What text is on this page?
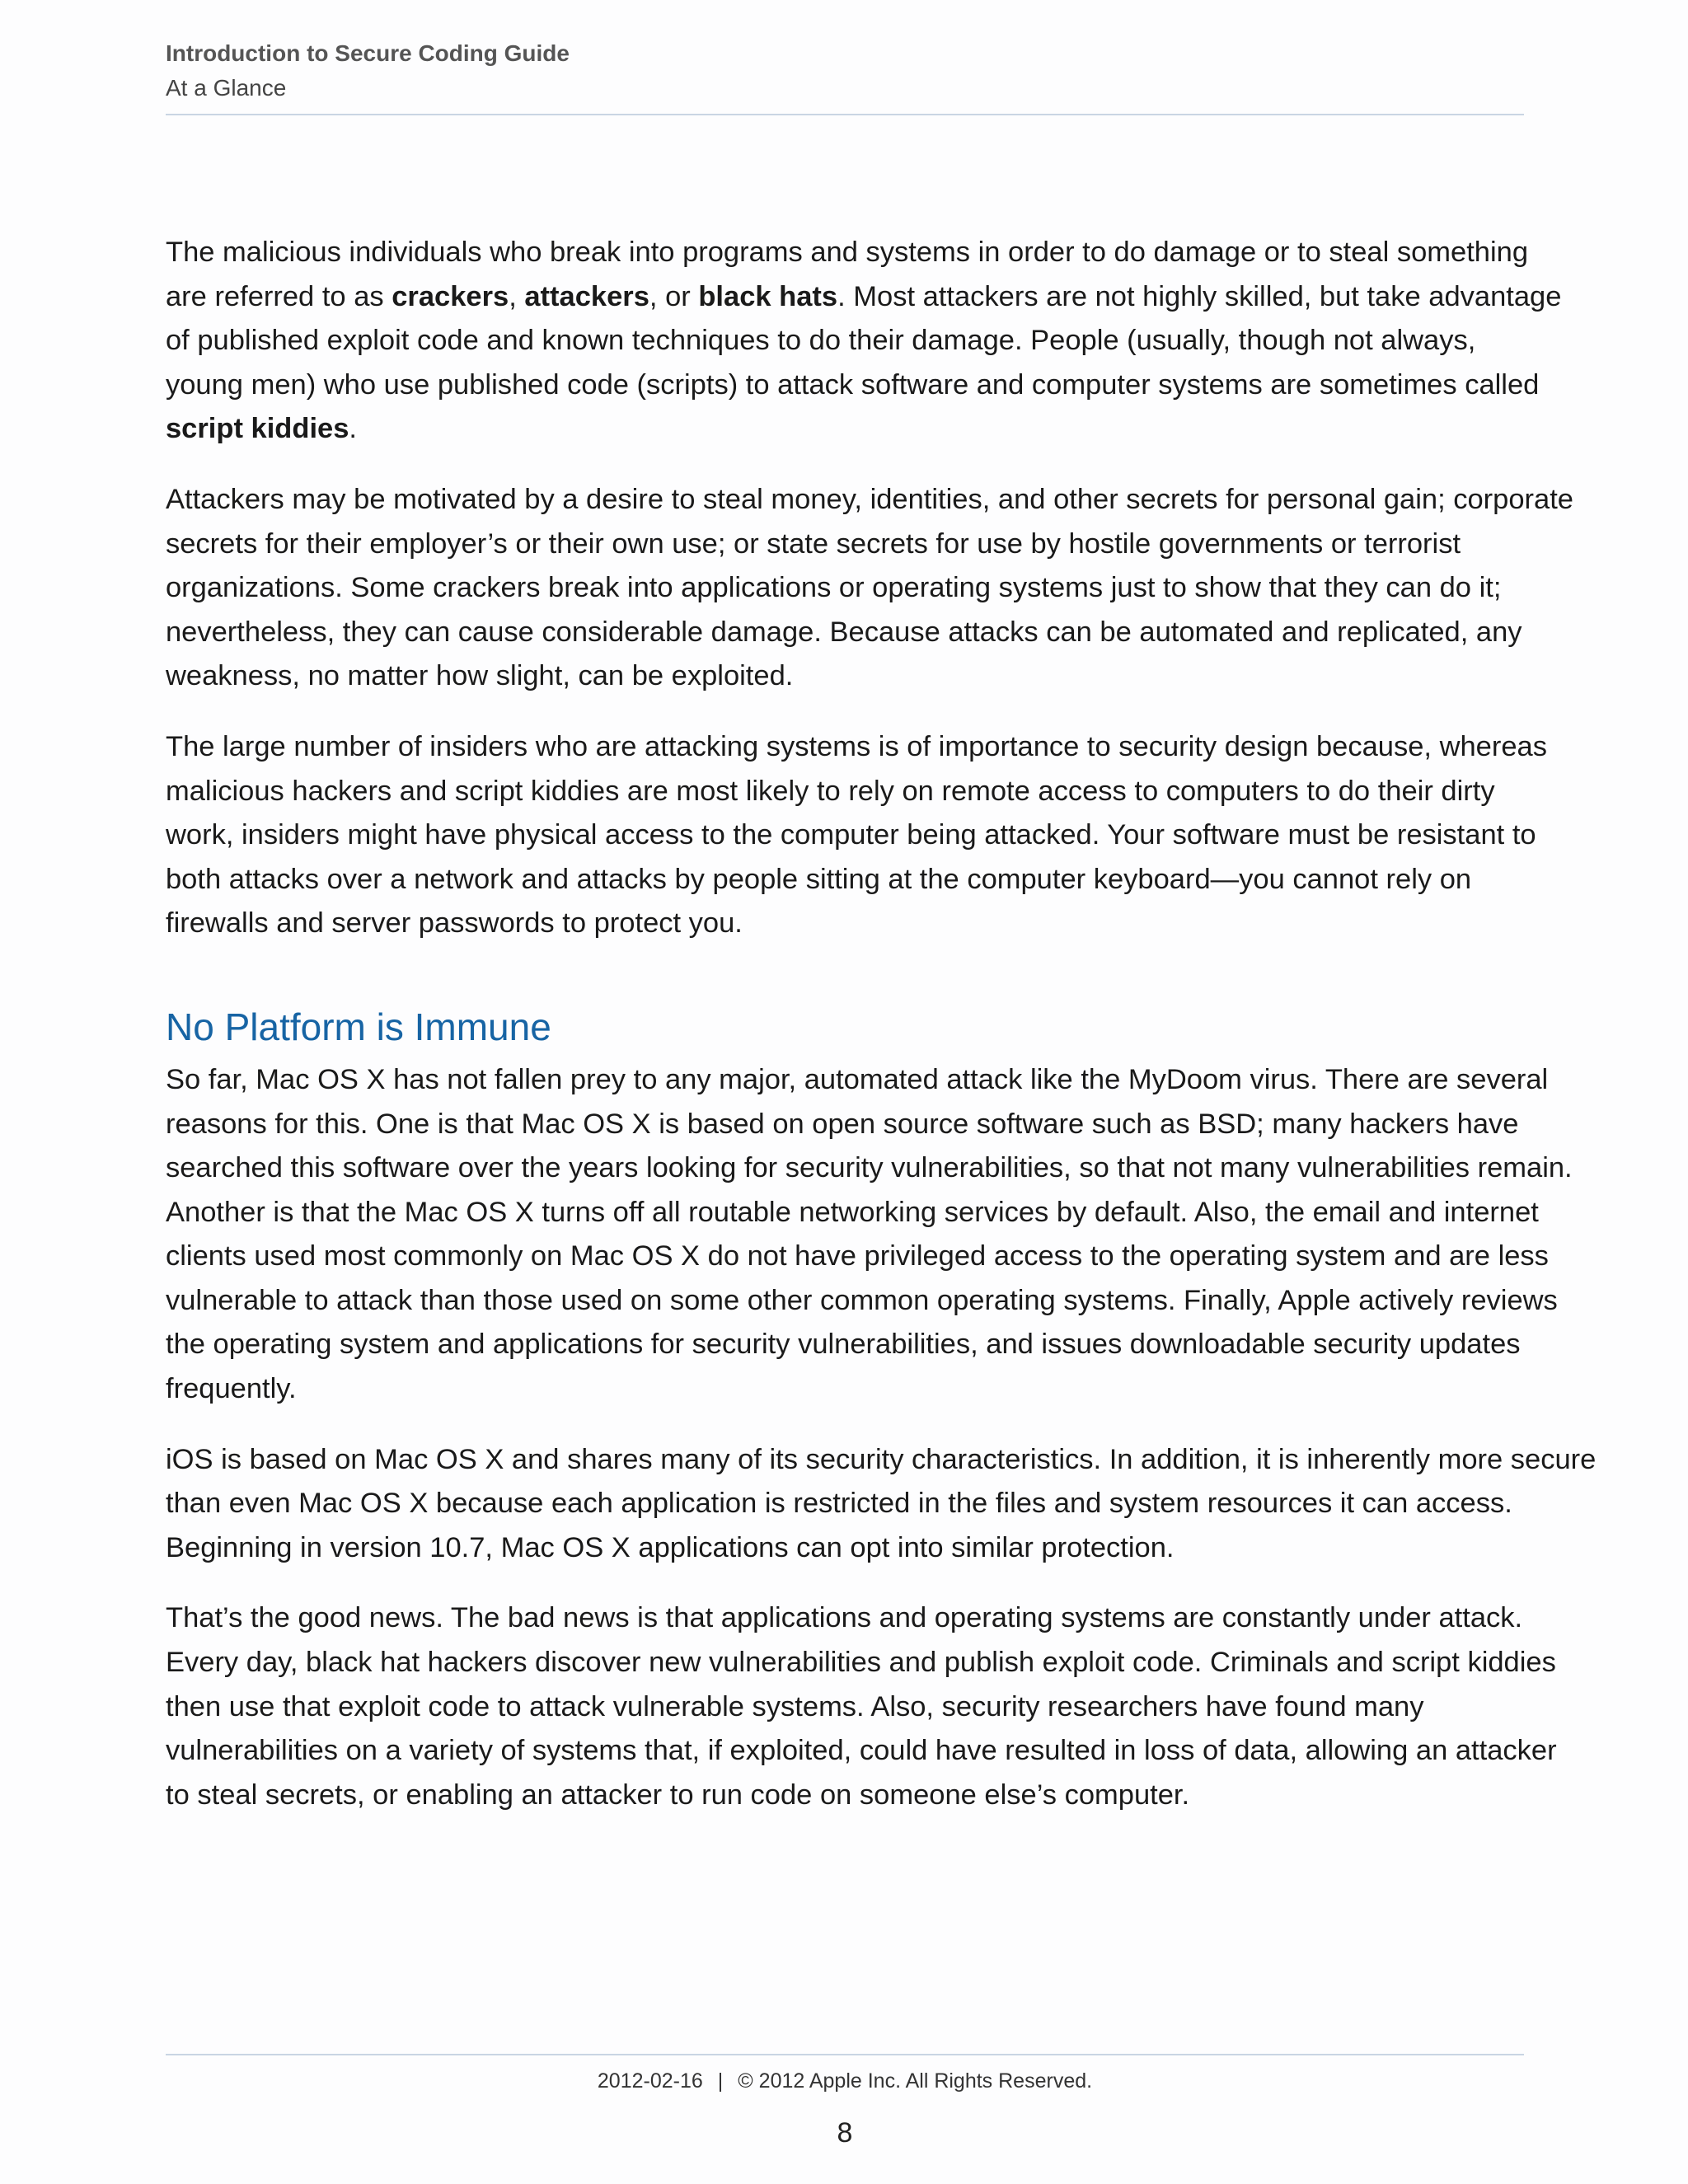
Introduction to Secure Coding Guide
At a Glance

The malicious individuals who break into programs and systems in order to do damage or to steal something
are referred to as crackers, attackers, or black hats. Most attackers are not highly skilled, but take advantage
of published exploit code and known techniques to do their damage. People (usually, though not always,
young men) who use published code (scripts) to attack software and computer systems are sometimes called
script kiddies.

Attackers may be motivated by a desire to steal money, identities, and other secrets for personal gain; corporate
secrets for their employer’s or their own use; or state secrets for use by hostile governments or terrorist
organizations. Some crackers break into applications or operating systems just to show that they can do it;
nevertheless, they can cause considerable damage. Because attacks can be automated and replicated, any
weakness, no matter how slight, can be exploited.

The large number of insiders who are attacking systems is of importance to security design because, whereas
malicious hackers and script kiddies are most likely to rely on remote access to computers to do their dirty
work, insiders might have physical access to the computer being attacked. Your software must be resistant to
both attacks over a network and attacks by people sitting at the computer keyboard—you cannot rely on
firewalls and server passwords to protect you.

No Platform is Immune

So far, Mac OS X has not fallen prey to any major, automated attack like the MyDoom virus. There are several
reasons for this. One is that Mac OS X is based on open source software such as BSD; many hackers have
searched this software over the years looking for security vulnerabilities, so that not many vulnerabilities remain.
Another is that the Mac OS X turns off all routable networking services by default. Also, the email and internet
clients used most commonly on Mac OS X do not have privileged access to the operating system and are less
vulnerable to attack than those used on some other common operating systems. Finally, Apple actively reviews
the operating system and applications for security vulnerabilities, and issues downloadable security updates
frequently.

iOS is based on Mac OS X and shares many of its security characteristics. In addition, it is inherently more secure
than even Mac OS X because each application is restricted in the files and system resources it can access.
Beginning in version 10.7, Mac OS X applications can opt into similar protection.

That’s the good news. The bad news is that applications and operating systems are constantly under attack.
Every day, black hat hackers discover new vulnerabilities and publish exploit code. Criminals and script kiddies
then use that exploit code to attack vulnerable systems. Also, security researchers have found many
vulnerabilities on a variety of systems that, if exploited, could have resulted in loss of data, allowing an attacker
to steal secrets, or enabling an attacker to run code on someone else’s computer.

2012-02-16 | © 2012 Apple Inc. All Rights Reserved.
8
